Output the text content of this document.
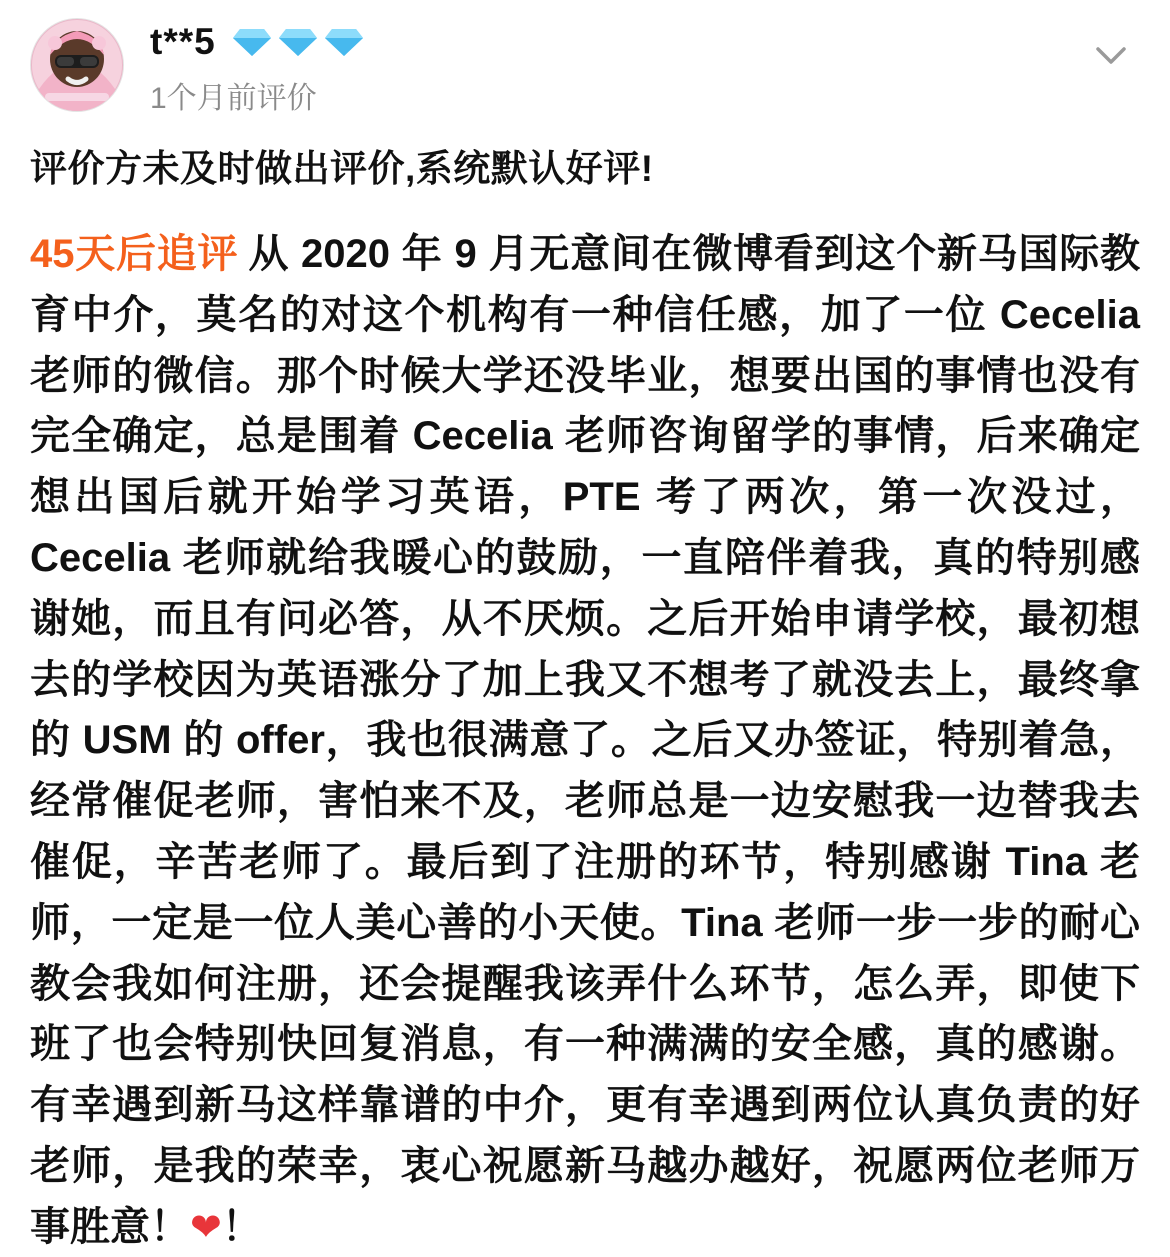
t**5
1个月前评价
评价方未及时做出评价,系统默认好评!
45天后追评 从 2020 年 9 月无意间在微博看到这个新马国际教育中介，莫名的对这个机构有一种信任感，加了一位 Cecelia 老师的微信。那个时候大学还没毕业，想要出国的事情也没有完全确定，总是围着 Cecelia 老师咨询留学的事情，后来确定想出国后就开始学习英语，PTE 考了两次，第一次没过，Cecelia 老师就给我暖心的鼓励，一直陪伴着我，真的特别感谢她，而且有问必答，从不厌烦。之后开始申请学校，最初想去的学校因为英语涨分了加上我又不想考了就没去上，最终拿的 USM 的 offer，我也很满意了。之后又办签证，特别着急，经常催促老师，害怕来不及，老师总是一边安慰我一边替我去催促，辛苦老师了。最后到了注册的环节，特别感谢 Tina 老师，一定是一位人美心善的小天使。Tina 老师一步一步的耐心教会我如何注册，还会提醒我该弄什么环节，怎么弄，即使下班了也会特别快回复消息，有一种满满的安全感，真的感谢。有幸遇到新马这样靠谱的中介，更有幸遇到两位认真负责的好老师，是我的荣幸，衷心祝愿新马越办越好，祝愿两位老师万事胜意！❤！
